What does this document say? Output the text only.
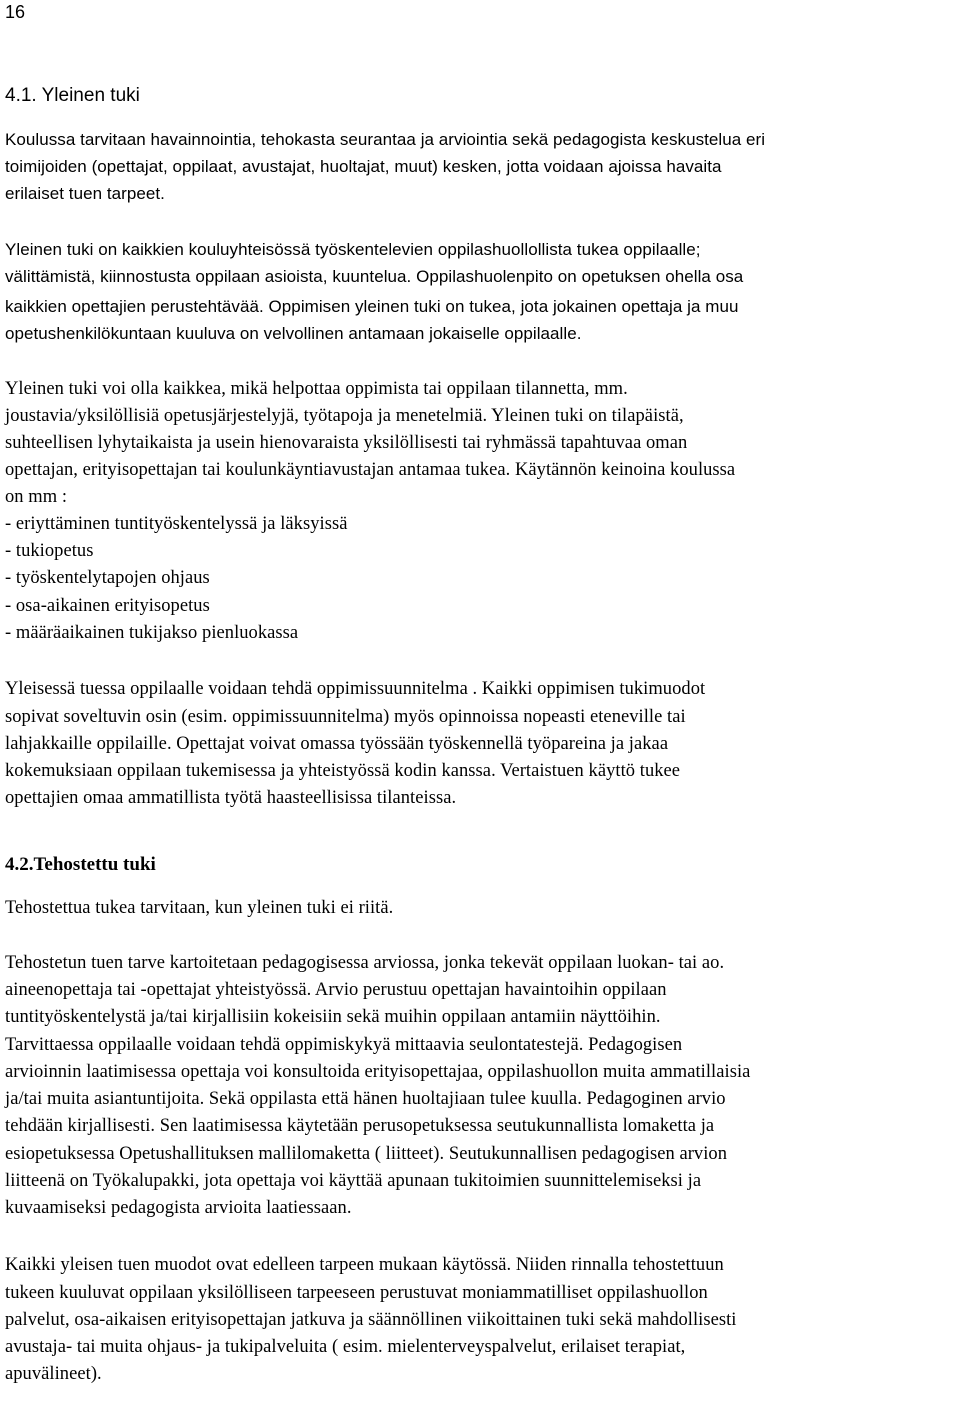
16
4.1. Yleinen tuki
4.2.Tehostettu tuki
Koulussa tarvitaan havainnointia, tehokasta seurantaa ja arviointia sekä pedagogista keskustelua eri
toimijoiden (opettajat, oppilaat, avustajat, huoltajat, muut) kesken, jotta voidaan ajoissa havaita
erilaiset tuen tarpeet.
Yleinen tuki on kaikkien kouluyhteisössä työskentelevien oppilashuollollista tukea oppilaalle;
välittämistä, kiinnostusta oppilaan asioista, kuuntelua. Oppilashuolenpito on opetuksen ohella osa
kaikkien opettajien perustehtävää. Oppimisen yleinen tuki on tukea, jota jokainen opettaja ja muu
opetushenkilökuntaan kuuluva on velvollinen antamaan jokaiselle oppilaalle.
Yleinen tuki voi olla kaikkea, mikä helpottaa oppimista tai oppilaan tilannetta, mm.
joustavia/yksilöllisiä opetusjärjestelyjä, työtapoja ja menetelmiä. Yleinen tuki on tilapäistä,
suhteellisen lyhytaikaista ja usein hienovaraista yksilöllisesti tai ryhmässä tapahtuvaa oman
opettajan, erityisopettajan tai koulunkäyntiavustajan antamaa tukea. Käytännön keinoina koulussa
on mm :
- eriyttäminen tuntityöskentelyssä ja läksyissä
- tukiopetus
- työskentelytapojen ohjaus
- osa-aikainen erityisopetus
- määräaikainen tukijakso pienluokassa
Yleisessä tuessa oppilaalle voidaan tehdä oppimissuunnitelma . Kaikki oppimisen tukimuodot
sopivat soveltuvin osin (esim. oppimissuunnitelma) myös opinnoissa nopeasti eteneville tai
lahjakkaille oppilaille. Opettajat voivat omassa työssään työskennellä työpareina ja jakaa
kokemuksiaan oppilaan tukemisessa ja yhteistyössä kodin kanssa. Vertaistuen käyttö tukee
opettajien omaa ammatillista työtä haasteellisissa tilanteissa.
Tehostettua tukea tarvitaan, kun yleinen tuki ei riitä.
Tehostetun tuen tarve kartoitetaan pedagogisessa arviossa, jonka tekevät oppilaan luokan- tai ao.
aineenopettaja tai -opettajat yhteistyössä. Arvio perustuu opettajan havaintoihin oppilaan
tuntityöskentelystä ja/tai kirjallisiin kokeisiin sekä muihin oppilaan antamiin näyttöihin.
Tarvittaessa oppilaalle voidaan tehdä oppimiskykyä mittaavia seulontatestejä. Pedagogisen
arvioinnin laatimisessa opettaja voi konsultoida erityisopettajaa, oppilashuollon muita ammatillaisia
ja/tai muita asiantuntijoita. Sekä oppilasta että hänen huoltajiaan tulee kuulla. Pedagoginen arvio
tehdään kirjallisesti. Sen laatimisessa käytetään perusopetuksessa seutukunnallista lomaketta ja
esiopetuksessa Opetushallituksen mallilomaketta ( liitteet). Seutukunnallisen pedagogisen arvion
liitteenä on Työkalupakki, jota opettaja voi käyttää apunaan tukitoimien suunnittelemiseksi ja
kuvaamiseksi pedagogista arvioita laatiessaan.
Kaikki yleisen tuen muodot ovat edelleen tarpeen mukaan käytössä. Niiden rinnalla tehostettuun
tukeen kuuluvat oppilaan yksilölliseen tarpeeseen perustuvat moniammatilliset oppilashuollon
palvelut, osa-aikaisen erityisopettajan jatkuva ja säännöllinen viikoittainen tuki sekä mahdollisesti
avustaja- tai muita ohjaus- ja tukipalveluita ( esim. mielenterveyspalvelut, erilaiset terapiat,
apuvälineet).
